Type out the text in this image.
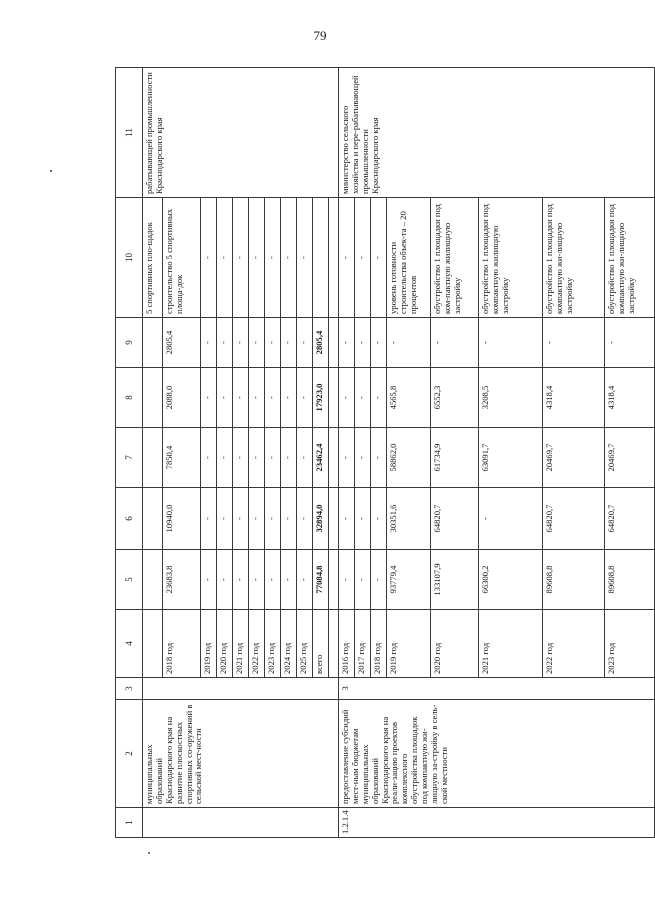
79
1	2	3	4	5	6	7	8	9	10	11
	муниципальных образований Краснодарского края на развитие плоскостных спортивных со-оружений в сельской мест-ности								5 спортивных пло-щадок	рабатывающей промышленности Краснодарского края
			2018 год	23683,8	10940,0	7850,4	2088,0	2805,4	строительство 5 спортивных площа-док	
			2019 год	-	-	-	-	-	-	
			2020 год	-	-	-	-	-	-	
			2021 год	-	-	-	-	-	-	
			2022 год	-	-	-	-	-	-	
			2023 год	-	-	-	-	-	-	
			2024 год	-	-	-	-	-	-	
			2025 год	-	-	-	-	-	-	
			всего	77084,8	32894,0	23462,4	17923,0	2805,4		

1.2.1.4	предоставление субсидий мест-ным бюджетам муниципальных образований Краснодарского края на реали-зацию проектов комплексного обустройства площадок под компактную жи-лищную за-стройку в сель-ской местности	3	2016 год	-	-	-	-	-	-	министерство сельского хозяйства и пере-рабатывающей промышленности Краснодарского края
			2017 год	-	-	-	-	-	-	
			2018 год	-	-	-	-	-	-	
			2019 год	93779,4	30351,6	58862,0	4565,8	-	уровень готовности строительства объек-та – 20 процентов	
			2020 год	133107,9	64820,7	61734,9	6552,3	-	обустройство 1 площадки под ком-пактную жилищную застройку	
			2021 год	66300,2	-	63091,7	3208,5	-	обустройство 1 площадки под компактную жилищную застройку	
			2022 год	89608,8	64820,7	20469,7	4318,4	-	обустройство 1 площадки под компактную жи-лищную застройку	
			2023 год	89608,8	64820,7	20469,7	4318,4	-	обустройство 1 площадки под компактную жи-лищную застройку	
